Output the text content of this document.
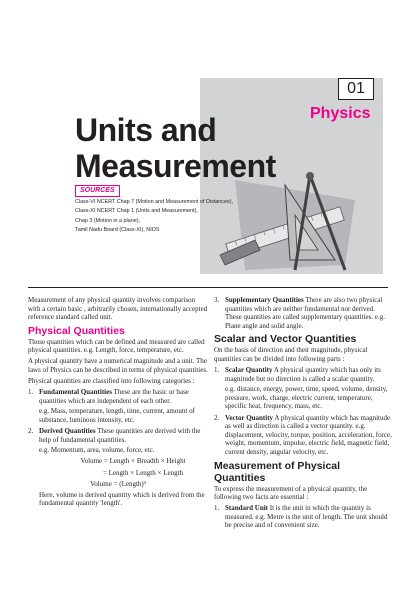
01
Physics
Units and
Measurement
SOURCES
Class-VI NCERT Chap 7 (Motion and Measurement of Distances),
Class-XI NCERT Chap 1 (Units and Measurement),
Chap 3 (Motion in a plane),
Tamil Nadu Board (Class-XI), NIOS

Measurement of any physical quantity involves comparison with a certain basic , arbitrarily chosen, internationally accepted reference standard called unit.

Physical Quantities

Those quantities which can be defined and measured are called physical quantities. e.g. Length, force, temperature, etc.

A physical quantity have a numerical magnitude and a unit. The laws of Physics can be described in terms of physical quantities.

Physical quantities are classified into following categories :

1. Fundamental Quantities These are the basic or base quantities which are independent of each other.

e.g. Mass, temperature, length, time, current, amount of substance, luminous intensity, etc.

2. Derived Quantities These quantities are derived with the help of fundamental quantities.

e.g. Momentum, area, volume, force, etc.

Volume = Length × Breadth × Height

= Length × Length × Length

Volume = (Length)³

Here, volume is derived quantity which is derived from the fundamental quantity 'length'.

3. Supplementary Quantities There are also two physical quantities which are neither fundamental nor derived. These quantities are called supplementary quantities. e.g. Plane angle and solid angle.
Scalar and Vector Quantities

On the basis of direction and their magnitude, physical quantities can be divided into following parts :

1. Scalar Quantity A physical quantity which has only its magnitude but no direction is called a scalar quantity.

e.g. distance, energy, power, time, speed, volume, density, pressure, work, charge, electric current, temperature, specific heat, frequency, mass, etc.

2. Vector Quantity A physical quantity which has magnitude as well as direction is called a vector quantity. e.g. displacement, velocity, torque, position, acceleration, force, weight, momentum, impulse, electric field, magnetic field, current density, angular velocity, etc.
Measurement of Physical Quantities

To express the measurement of a physical quantity, the following two facts are essential :

1. Standard Unit It is the unit in which the quantity is measured. e.g. Metre is the unit of length. The unit should be precise and of convenient size.
